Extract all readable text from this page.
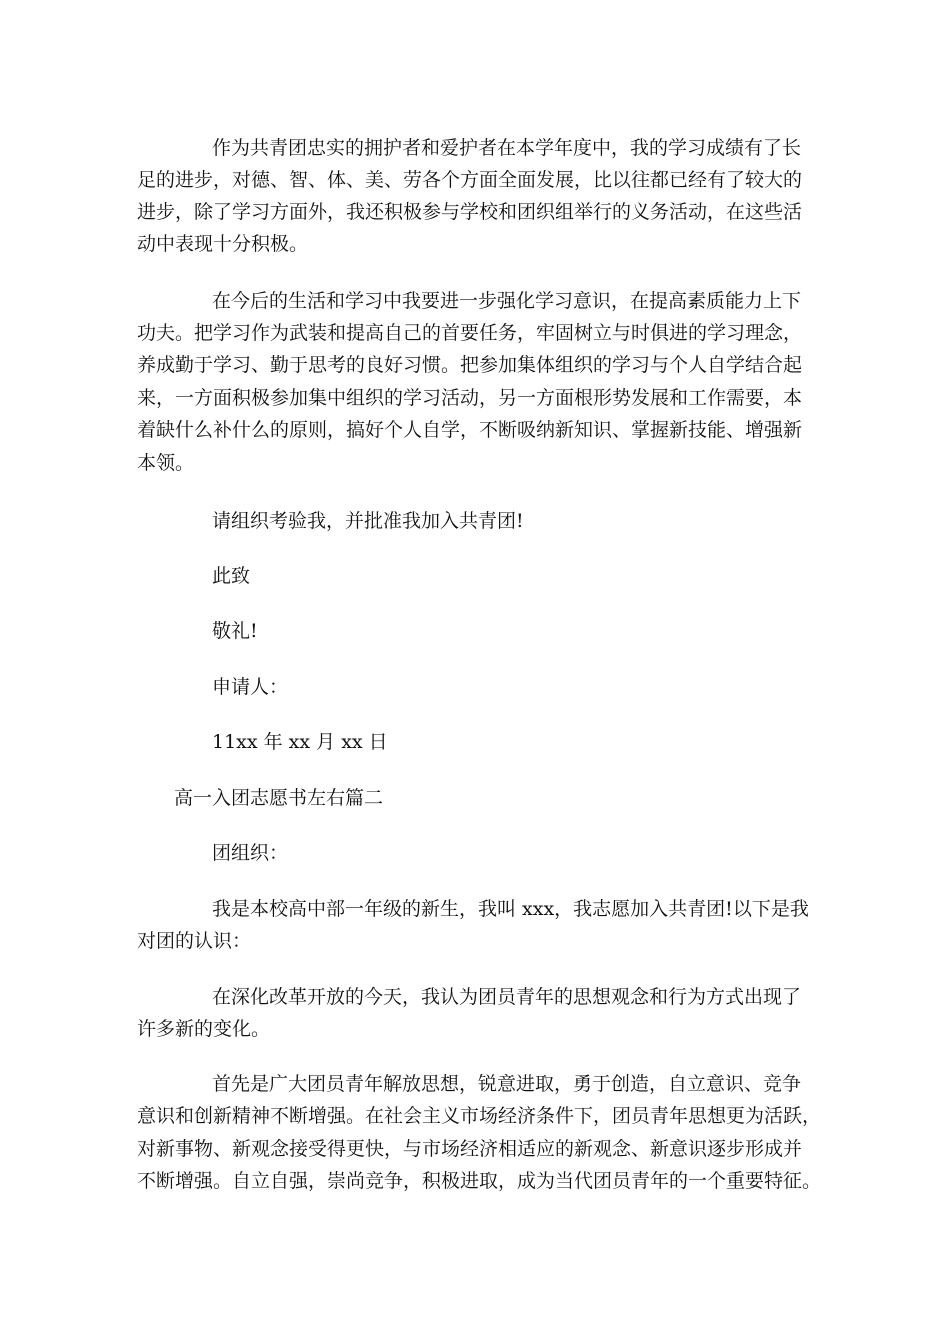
作为共青团忠实的拥护者和爱护者在本学年度中，我的学习成绩有了长
足的进步，对德、智、体、美、劳各个方面全面发展，比以往都已经有了较大的
进步，除了学习方面外，我还积极参与学校和团织组举行的义务活动，在这些活
动中表现十分积极。
在今后的生活和学习中我要进一步强化学习意识，在提高素质能力上下
功夫。把学习作为武装和提高自己的首要任务，牢固树立与时俱进的学习理念，
养成勤于学习、勤于思考的良好习惯。把参加集体组织的学习与个人自学结合起
来，一方面积极参加集中组织的学习活动，另一方面根形势发展和工作需要，本
着缺什么补什么的原则，搞好个人自学，不断吸纳新知识、掌握新技能、增强新
本领。
请组织考验我，并批准我加入共青团!
此致
敬礼!
申请人：
11xx 年 xx 月 xx 日
高一入团志愿书左右篇二
团组织：
我是本校高中部一年级的新生，我叫 xxx，我志愿加入共青团!以下是我
对团的认识：
在深化改革开放的今天，我认为团员青年的思想观念和行为方式出现了
许多新的变化。
首先是广大团员青年解放思想，锐意进取，勇于创造，自立意识、竞争
意识和创新精神不断增强。在社会主义市场经济条件下，团员青年思想更为活跃，
对新事物、新观念接受得更快，与市场经济相适应的新观念、新意识逐步形成并
不断增强。自立自强，崇尚竞争，积极进取，成为当代团员青年的一个重要特征。
